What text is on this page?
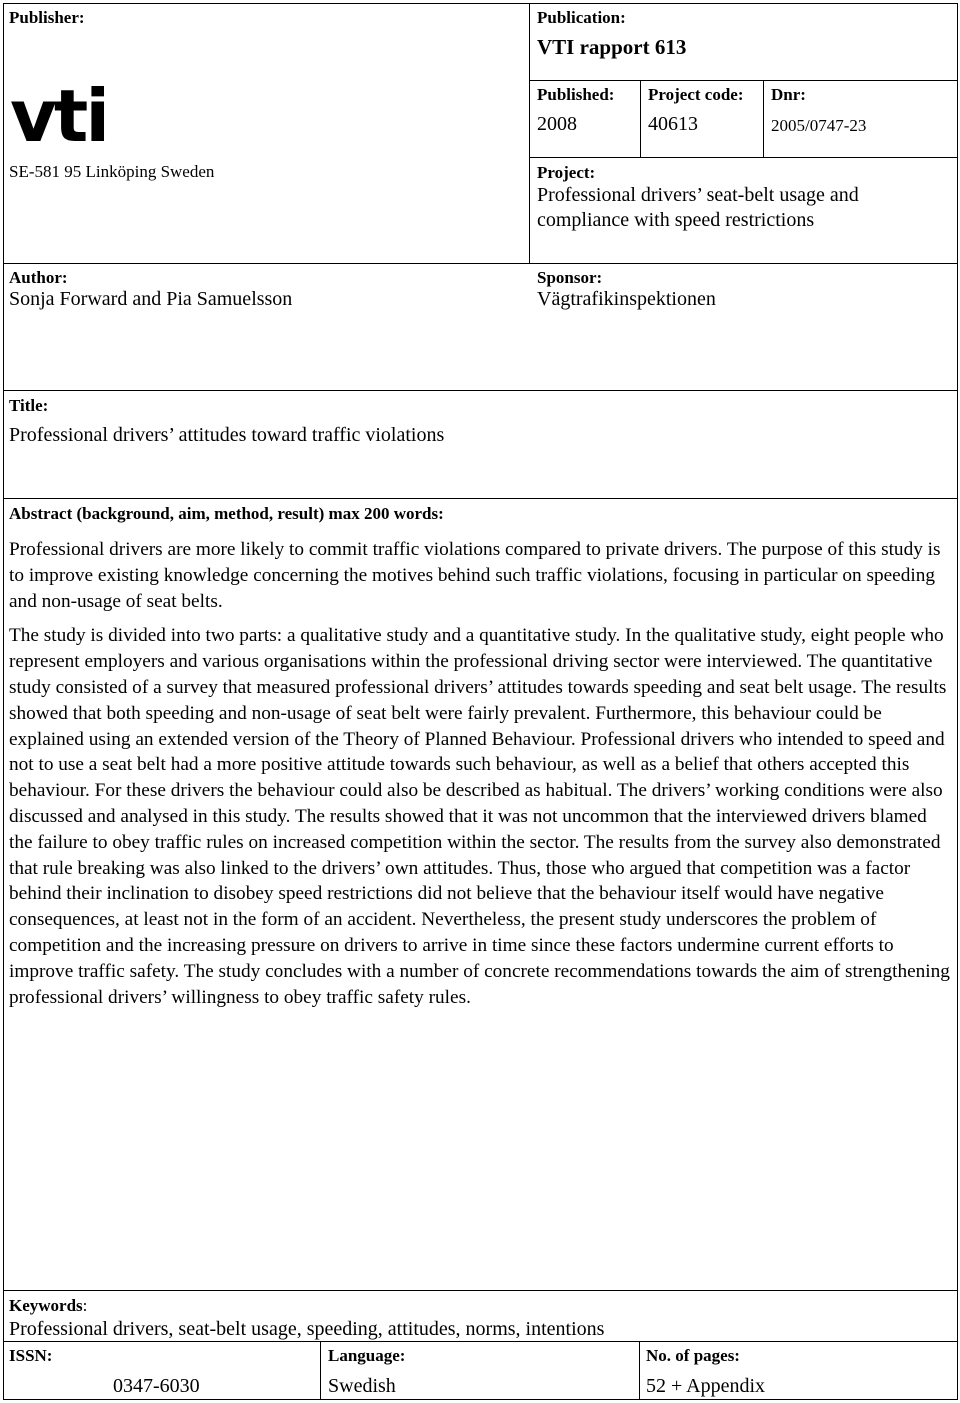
Publisher:
vti
SE-581 95 Linköping Sweden
Publication:
VTI rapport 613
Published:
2008
Project code:
40613
Dnr:
2005/0747-23
Project:
Professional drivers’ seat-belt usage and
compliance with speed restrictions
Author:
Sonja Forward and Pia Samuelsson
Sponsor:
Vägtrafikinspektionen
Title:
Professional drivers’ attitudes toward traffic violations
Abstract (background, aim, method, result) max 200 words:

Professional drivers are more likely to commit traffic violations compared to private drivers. The purpose of this study is to improve existing knowledge concerning the motives behind such traffic violations, focusing in particular on speeding and non-usage of seat belts.

The study is divided into two parts: a qualitative study and a quantitative study. In the qualitative study, eight people who represent employers and various organisations within the professional driving sector were interviewed. The quantitative study consisted of a survey that measured professional drivers’ attitudes towards speeding and seat belt usage. The results showed that both speeding and non-usage of seat belt were fairly prevalent. Furthermore, this behaviour could be explained using an extended version of the Theory of Planned Behaviour. Professional drivers who intended to speed and not to use a seat belt had a more positive attitude towards such behaviour, as well as a belief that others accepted this behaviour. For these drivers the behaviour could also be described as habitual. The drivers’ working conditions were also discussed and analysed in this study. The results showed that it was not uncommon that the interviewed drivers blamed the failure to obey traffic rules on increased competition within the sector. The results from the survey also demonstrated that rule breaking was also linked to the drivers’ own attitudes. Thus, those who argued that competition was a factor behind their inclination to disobey speed restrictions did not believe that the behaviour itself would have negative consequences, at least not in the form of an accident. Nevertheless, the present study underscores the problem of competition and the increasing pressure on drivers to arrive in time since these factors undermine current efforts to improve traffic safety. The study concludes with a number of concrete recommendations towards the aim of strengthening professional drivers’ willingness to obey traffic safety rules.

Keywords:
Professional drivers, seat-belt usage, speeding, attitudes, norms, intentions
ISSN:
0347-6030
Language:
Swedish
No. of pages:
52 + Appendix
